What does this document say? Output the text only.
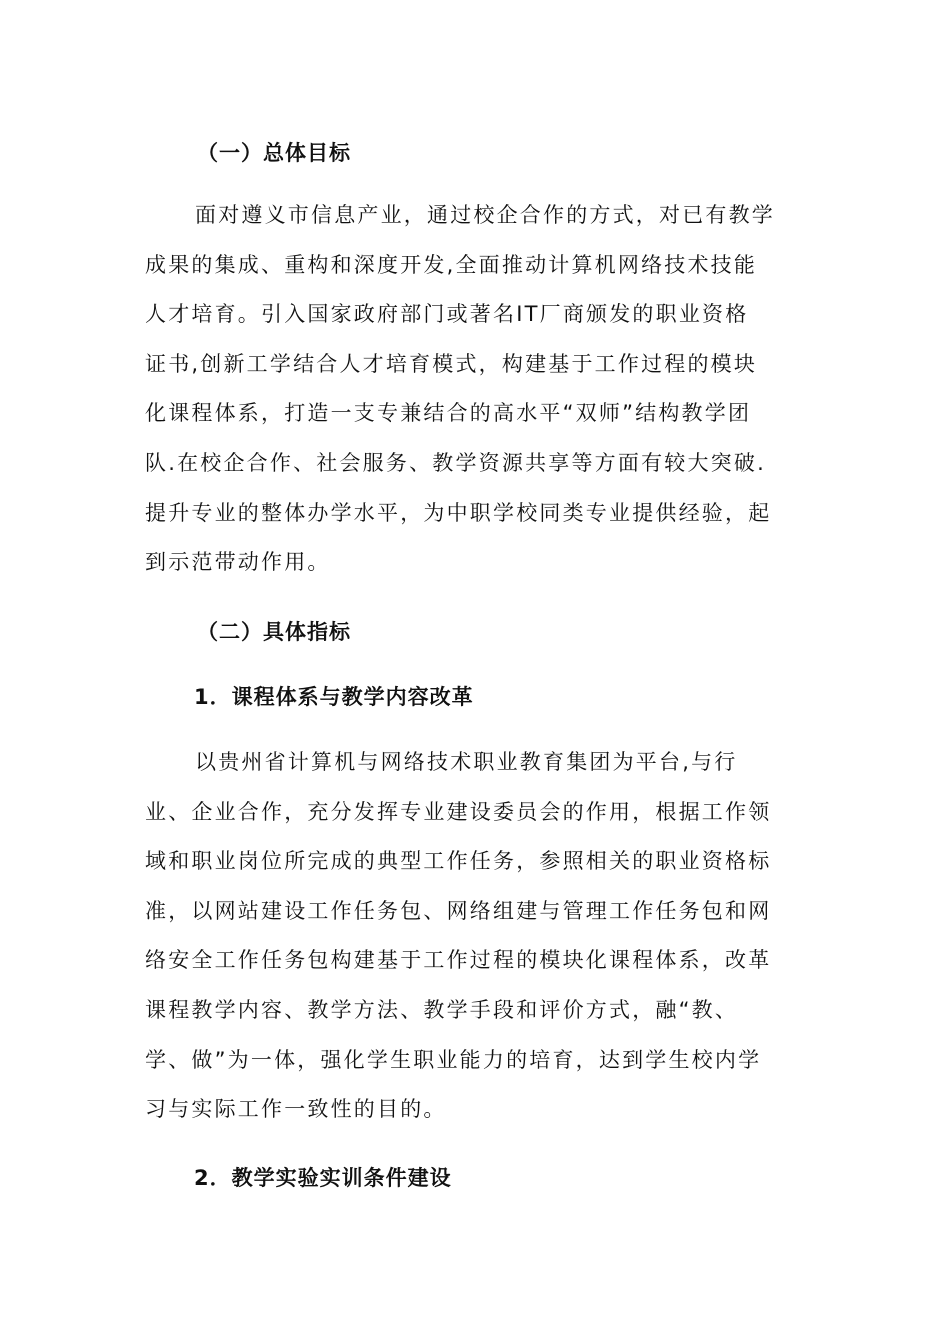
（一）总体目标
面对遵义市信息产业，通过校企合作的方式，对已有教学
成果的集成、重构和深度开发,全面推动计算机网络技术技能
人才培育。引入国家政府部门或著名IT厂商颁发的职业资格
证书,创新工学结合人才培育模式，构建基于工作过程的模块
化课程体系，打造一支专兼结合的高水平“双师”结构教学团
队.在校企合作、社会服务、教学资源共享等方面有较大突破.
提升专业的整体办学水平，为中职学校同类专业提供经验，起
到示范带动作用。
（二）具体指标
1．课程体系与教学内容改革
以贵州省计算机与网络技术职业教育集团为平台,与行
业、企业合作，充分发挥专业建设委员会的作用，根据工作领
域和职业岗位所完成的典型工作任务，参照相关的职业资格标
准，以网站建设工作任务包、网络组建与管理工作任务包和网
络安全工作任务包构建基于工作过程的模块化课程体系，改革
课程教学内容、教学方法、教学手段和评价方式，融“教、
学、做”为一体，强化学生职业能力的培育，达到学生校内学
习与实际工作一致性的目的。
2．教学实验实训条件建设
